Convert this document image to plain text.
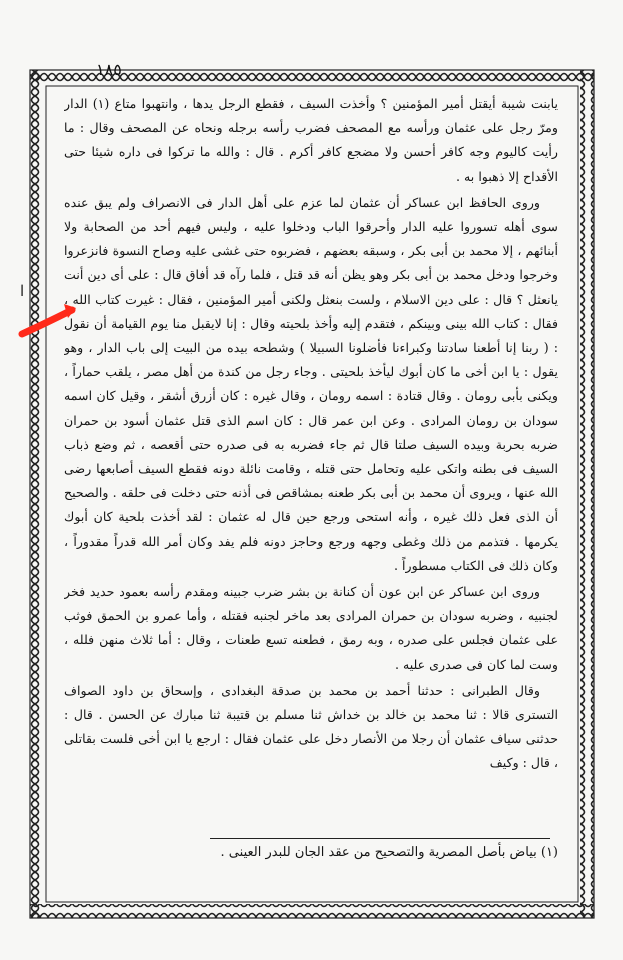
١٨٥
ا

يابنت شيبة أيقتل أمير المؤمنين ؟ وأخذت السيف ، فقطع الرجل يدها ، وانتهبوا متاع (١) الدار ومرّ رجل على عثمان ورأسه مع المصحف فضرب رأسه برجله ونحاه عن المصحف وقال : ما رأيت كاليوم وجه كافر أحسن ولا مضجع كافر أكرم . قال : والله ما تركوا فى داره شيئا حتى الأقداح إلا ذهبوا به .

وروى الحافظ ابن عساكر أن عثمان لما عزم على أهل الدار فى الانصراف ولم يبق عنده سوى أهله تسوروا عليه الدار وأحرقوا الباب ودخلوا عليه ، وليس فيهم أحد من الصحابة ولا أبنائهم ، إلا محمد بن أبى بكر ، وسبقه بعضهم ، فضربوه حتى غشى عليه وصاح النسوة فانزعروا وخرجوا ودخل محمد بن أبى بكر وهو يظن أنه قد قتل ، فلما رآه قد أفاق قال : على أى دين أنت يانعثل ؟ قال : على دين الاسلام ، ولست بنعثل ولكنى أمير المؤمنين ، فقال : غيرت كتاب الله ، فقال : كتاب الله بينى وبينكم ، فتقدم إليه وأخذ بلحيته وقال : إنا لايقبل منا يوم القيامة أن نقول : ( ربنا إنا أطعنا سادتنا وكبراءنا فأضلونا السبيلا ) وشطحه بيده من البيت إلى باب الدار ، وهو يقول : يا ابن أخى ما كان أبوك ليأخذ بلحيتى . وجاء رجل من كندة من أهل مصر ، يلقب حماراً ، ويكنى بأبى رومان . وقال قتادة : اسمه رومان ، وقال غيره : كان أزرق أشقر ، وقيل كان اسمه سودان بن رومان المرادى . وعن ابن عمر قال : كان اسم الذى قتل عثمان أسود بن حمران ضربه بحربة وبيده السيف صلتا قال ثم جاء فضربه به فى صدره حتى أقعصه ، ثم وضع ذباب السيف فى بطنه واتكى عليه وتحامل حتى قتله ، وقامت نائلة دونه فقطع السيف أصابعها رضى الله عنها ، ويروى أن محمد بن أبى بكر طعنه بمشاقص فى أذنه حتى دخلت فى حلقه . والصحيح أن الذى فعل ذلك غيره ، وأنه استحى ورجع حين قال له عثمان : لقد أخذت بلحية كان أبوك يكرمها . فتذمم من ذلك وغطى وجهه ورجع وحاجز دونه فلم يفد وكان أمر الله قدراً مقدوراً ، وكان ذلك فى الكتاب مسطوراً .

وروى ابن عساكر عن ابن عون أن كنانة بن بشر ضرب جبينه ومقدم رأسه بعمود حديد فخر لجنبيه ، وضربه سودان بن حمران المرادى بعد ماخر لجنبه فقتله ، وأما عمرو بن الحمق فوثب على عثمان فجلس على صدره ، وبه رمق ، فطعنه تسع طعنات ، وقال : أما ثلاث منهن فلله ، وست لما كان فى صدرى عليه .

وقال الطبرانى : حدثنا أحمد بن محمد بن صدقة البغدادى ، وإسحاق بن داود الصواف التسترى قالا : ثنا محمد بن خالد بن خداش ثنا مسلم بن قتيبة ثنا مبارك عن الحسن . قال : حدثنى سياف عثمان أن رجلا من الأنصار دخل على عثمان فقال : ارجع يا ابن أخى فلست بقاتلى ، قال : وكيف

(١) بياض بأصل المصرية والتصحيح من عقد الجان للبدر العينى .
